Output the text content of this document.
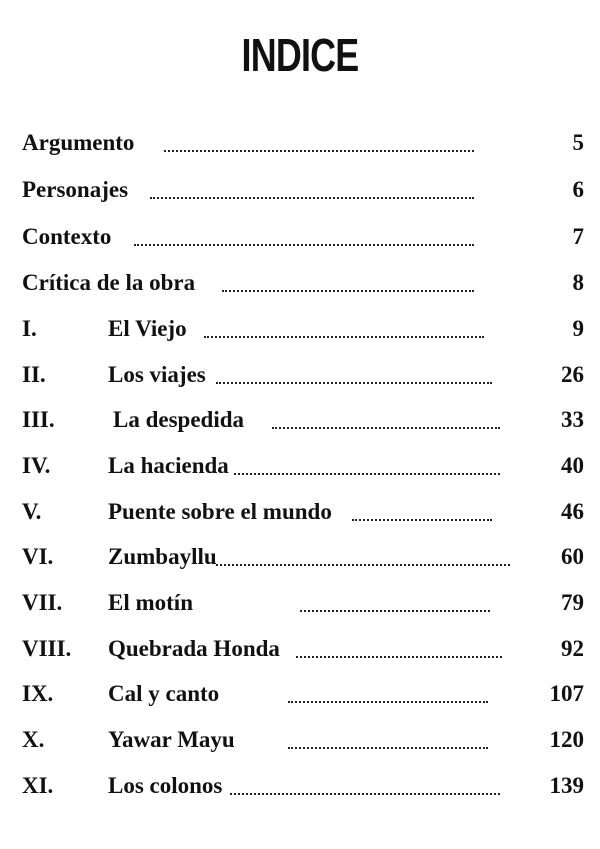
INDICE
Argumento	5
Personajes	6
Contexto	7
Crítica de la obra	8
I.	El Viejo	9
II.	Los viajes	26
III.	La despedida	33
IV.	La hacienda	40
V.	Puente sobre el mundo	46
VI. Zumbayllu	60
VII. El motín	79
VIII. Quebrada Honda	92
IX. Cal y canto	107
X.	Yawar Mayu	120
XI. Los colonos	139
